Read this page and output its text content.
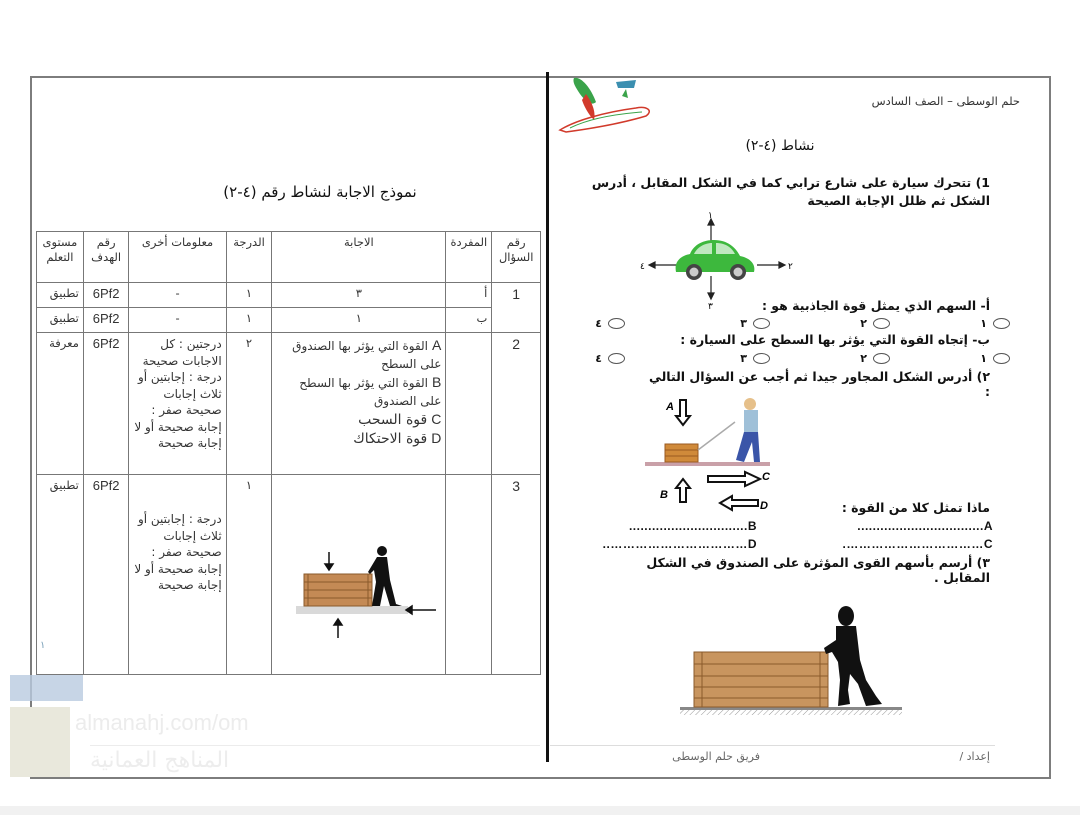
نموذج الاجابة لنشاط رقم (٤-٢)
رقم السؤال	المفردة	الاجابة	الدرجة	معلومات أخرى	رقم الهدف	مستوى التعلم
1	أ	٣	١	-	6Pf2	تطبيق
	ب	١	١	-	6Pf2	تطبيق
2		Aالقوة التي يؤثر بها الصندوق على السطح
Bالقوة التي يؤثر بها السطح على الصندوق
Cقوة السحب
Dقوة الاحتكاك	٢	درجتين : كل الاجابات صحيحة درجة : إجابتين أو ثلاث إجابات صحيحة صفر : إجابة صحيحة أو لا إجابة صحيحة	6Pf2	معرفة
3			١	درجة : إجابتين أو ثلاث إجابات صحيحة صفر : إجابة صحيحة أو لا إجابة صحيحة	6Pf2	تطبيق
١
almanahj.com/om
المناهج العمانية
حلم الوسطى – الصف السادس
نشاط (٤-٢)
1) تتحرك سيارة على شارع ترابي كما في الشكل المقابل ، أدرس الشكل ثم ظلل الإجابة الصيحة
١
٢
٣
٤
أ- السهم الذي يمثل قوة الجاذبية هو :
١
٢
٣
٤
ب- إتجاه القوة التي يؤثر بها السطح على السيارة :
١
٢
٣
٤
٢) أدرس الشكل المجاور جيدا ثم أجب عن السؤال التالي :
A
B
C
D	ماذا تمثل كلا من القوة :
A.................................
B...............................
C…………………………….
D……………………………..
٣) أرسم بأسهم القوى المؤثرة على الصندوق في الشكل المقابل .
إعداد /
فريق حلم الوسطى
